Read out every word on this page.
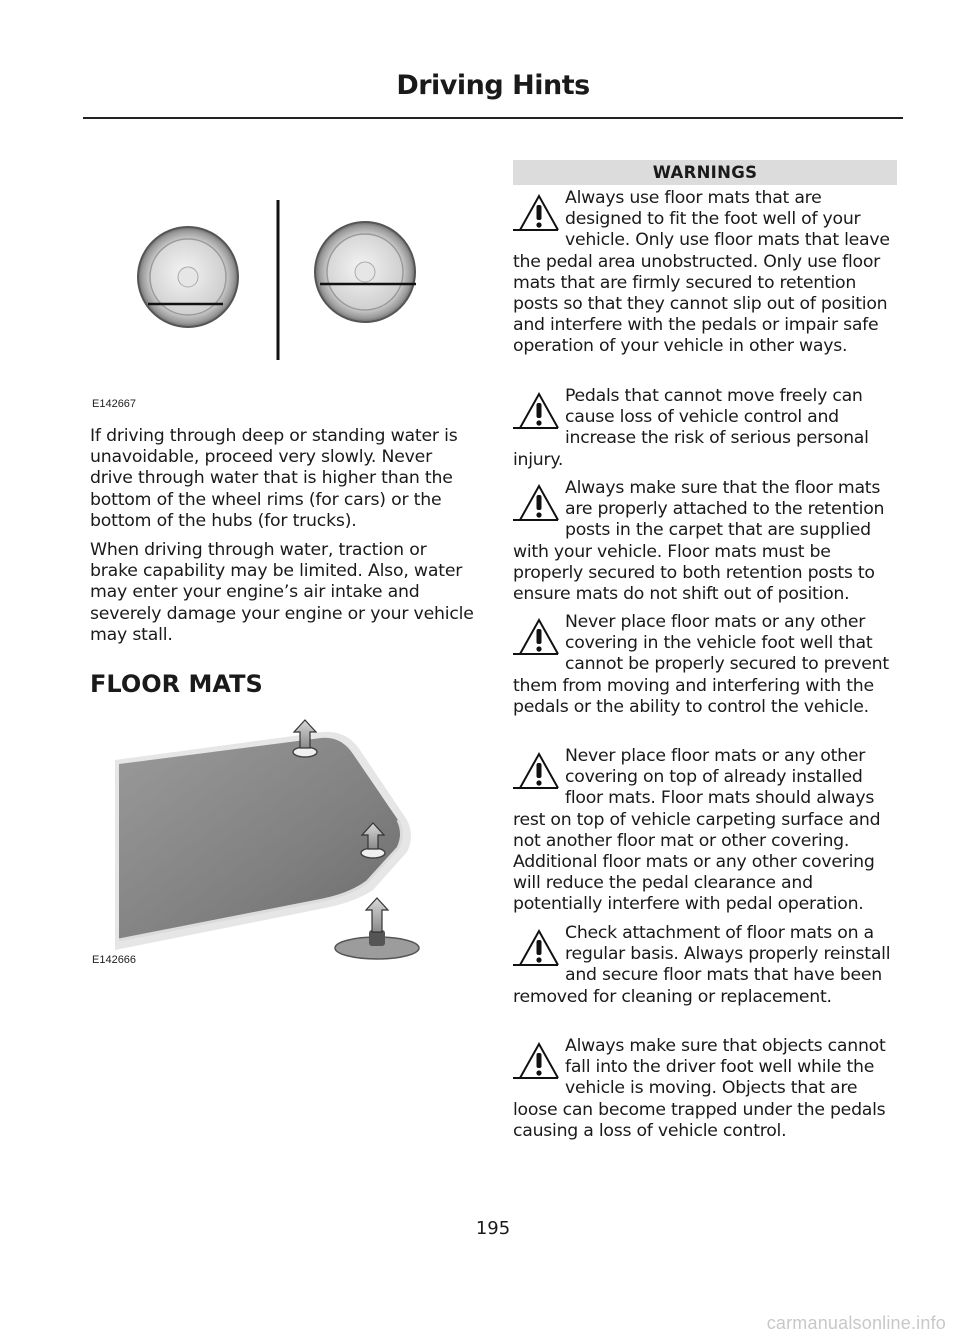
Driving Hints
E142667

If driving through deep or standing water is unavoidable, proceed very slowly. Never drive through water that is higher than the bottom of the wheel rims (for cars) or the bottom of the hubs (for trucks).

When driving through water, traction or brake capability may be limited. Also, water may enter your engine’s air intake and severely damage your engine or your vehicle may stall.

FLOOR MATS
E142666
WARNINGS
Always use floor mats that are designed to fit the foot well of your vehicle. Only use floor mats that leave the pedal area unobstructed. Only use floor mats that are firmly secured to retention posts so that they cannot slip out of position and interfere with the pedals or impair safe operation of your vehicle in other ways.
Pedals that cannot move freely can cause loss of vehicle control and increase the risk of serious personal injury.
Always make sure that the floor mats are properly attached to the retention posts in the carpet that are supplied with your vehicle. Floor mats must be properly secured to both retention posts to ensure mats do not shift out of position.
Never place floor mats or any other covering in the vehicle foot well that cannot be properly secured to prevent them from moving and interfering with the pedals or the ability to control the vehicle.
Never place floor mats or any other covering on top of already installed floor mats. Floor mats should always rest on top of vehicle carpeting surface and not another floor mat or other covering. Additional floor mats or any other covering will reduce the pedal clearance and potentially interfere with pedal operation.
Check attachment of floor mats on a regular basis. Always properly reinstall and secure floor mats that have been removed for cleaning or replacement.
Always make sure that objects cannot fall into the driver foot well while the vehicle is moving. Objects that are loose can become trapped under the pedals causing a loss of vehicle control.
195
carmanualsonline.info
